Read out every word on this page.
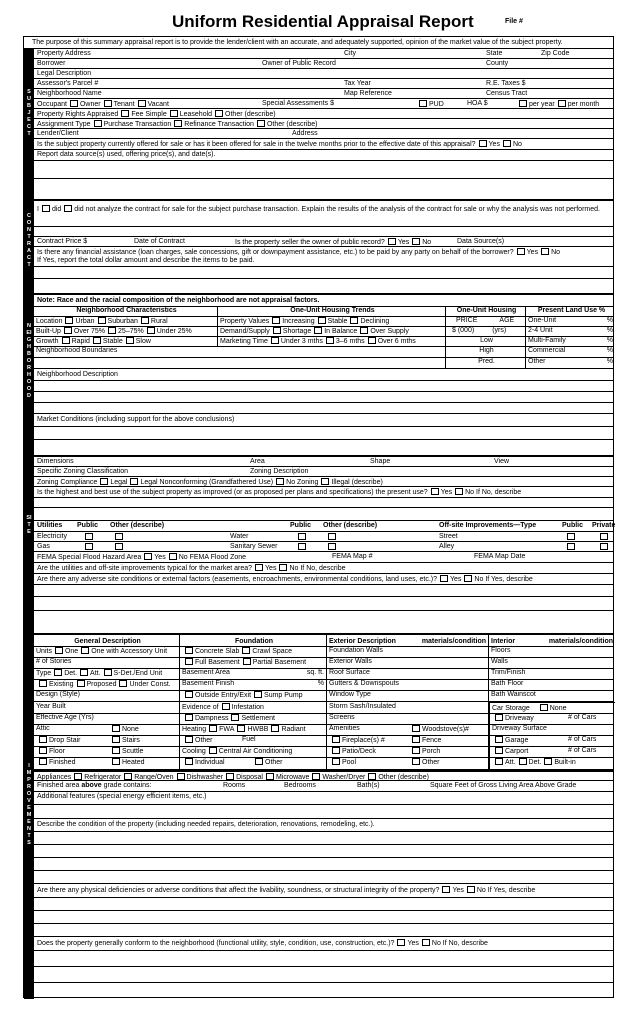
Uniform Residential Appraisal Report	File #
The purpose of this summary appraisal report is to provide the lender/client with an accurate, and adequately supported, opinion of the market value of the subject property.
SUBJECT
CONTRACT
NEIGHBORHOOD
SITE
IMPROVEMENTS
Property Address	City	State	Zip Code
Borrower	Owner of Public Record	County
Legal Description
Assessor's Parcel #	Tax Year	R.E. Taxes $
Neighborhood Name	Map Reference	Census Tract
Occupant Owner Tenant Vacant	Special Assessments $	PUD	HOA $	per year per month
Property Rights Appraised Fee Simple Leasehold Other (describe)
Assignment Type Purchase Transaction Refinance Transaction Other (describe)
Lender/Client	Address
Is the subject property currently offered for sale or has it been offered for sale in the twelve months prior to the effective date of this appraisal? Yes No
Report data source(s) used, offering price(s), and date(s).
I did did not analyze the contract for sale for the subject purchase transaction. Explain the results of the analysis of the contract for sale or why the analysis was not performed.
Contract Price $	Date of Contract	Is the property seller the owner of public record? Yes No	Data Source(s)
Is there any financial assistance (loan charges, sale concessions, gift or downpayment assistance, etc.) to be paid by any party on behalf of the borrower? Yes No
If Yes, report the total dollar amount and describe the items to be paid.
Note: Race and the racial composition of the neighborhood are not appraisal factors.
Neighborhood Characteristics	One-Unit Housing Trends	One-Unit Housing	Present Land Use %
Location Urban Suburban Rural	Property Values Increasing Stable Declining	PRICE	AGE	One-Unit	%
Built-Up Over 75% 25–75% Under 25%	Demand/Supply Shortage In Balance Over Supply	$ (000)	(yrs)	2-4 Unit	%
Growth Rapid Stable Slow	Marketing Time Under 3 mths 3–6 mths Over 6 mths	Low	Multi-Family	%
Neighborhood Boundaries	High	Commercial	%
Pred.	Other	%
Neighborhood Description
Market Conditions (including support for the above conclusions)
Dimensions	Area	Shape	View
Specific Zoning Classification	Zoning Description
Zoning Compliance Legal Legal Nonconforming (Grandfathered Use) No Zoning Illegal (describe)
Is the highest and best use of the subject property as improved (or as proposed per plans and specifications) the present use? Yes No If No, describe
Utilities Public Other (describe)	Public Other (describe)	Off-site Improvements—Type	Public Private
Electricity	Water	Street
Gas	Sanitary Sewer	Alley
FEMA Special Flood Hazard Area Yes No FEMA Flood Zone	FEMA Map #	FEMA Map Date
Are the utilities and off-site improvements typical for the market area? Yes No If No, describe
Are there any adverse site conditions or external factors (easements, encroachments, environmental conditions, land uses, etc.)? Yes No If Yes, describe
General Description	Foundation	Exterior Description	materials/condition Interior	materials/condition
Units One One with Accessory Unit	Concrete Slab Crawl Space	Foundation Walls	Floors
# of Stories	Full Basement Partial Basement	Exterior Walls	Walls
Type Det. Att. S-Det./End Unit	Basement Area	sq. ft. Roof Surface	Trim/Finish
Existing Proposed Under Const.	Basement Finish	% Gutters & Downspouts	Bath Floor
Design (Style)	Outside Entry/Exit Sump Pump	Window Type	Bath Wainscot
Year Built	Evidence of Infestation	Storm Sash/Insulated	Car Storage	None
Effective Age (Yrs)	Dampness Settlement	Screens	Driveway	# of Cars
Attic	None	Heating FWA HWBB Radiant	Amenities	Woodstove(s)#	Driveway Surface
Drop Stair	Stairs	Other	Fuel	Fireplace(s) #	Fence	Garage	# of Cars
Floor	Scuttle	Cooling Central Air Conditioning	Patio/Deck	Porch	Carport	# of Cars
Finished	Heated	Individual	Other	Pool	Other	Att. Det. Built-in
Appliances Refrigerator Range/Oven Dishwasher Disposal Microwave Washer/Dryer Other (describe)
Finished area above grade contains:	Rooms	Bedrooms	Bath(s)	Square Feet of Gross Living Area Above Grade
Additional features (special energy efficient items, etc.)
Describe the condition of the property (including needed repairs, deterioration, renovations, remodeling, etc.).
Are there any physical deficiencies or adverse conditions that affect the livability, soundness, or structural integrity of the property? Yes No If Yes, describe
Does the property generally conform to the neighborhood (functional utility, style, condition, use, construction, etc.)? Yes No If No, describe
